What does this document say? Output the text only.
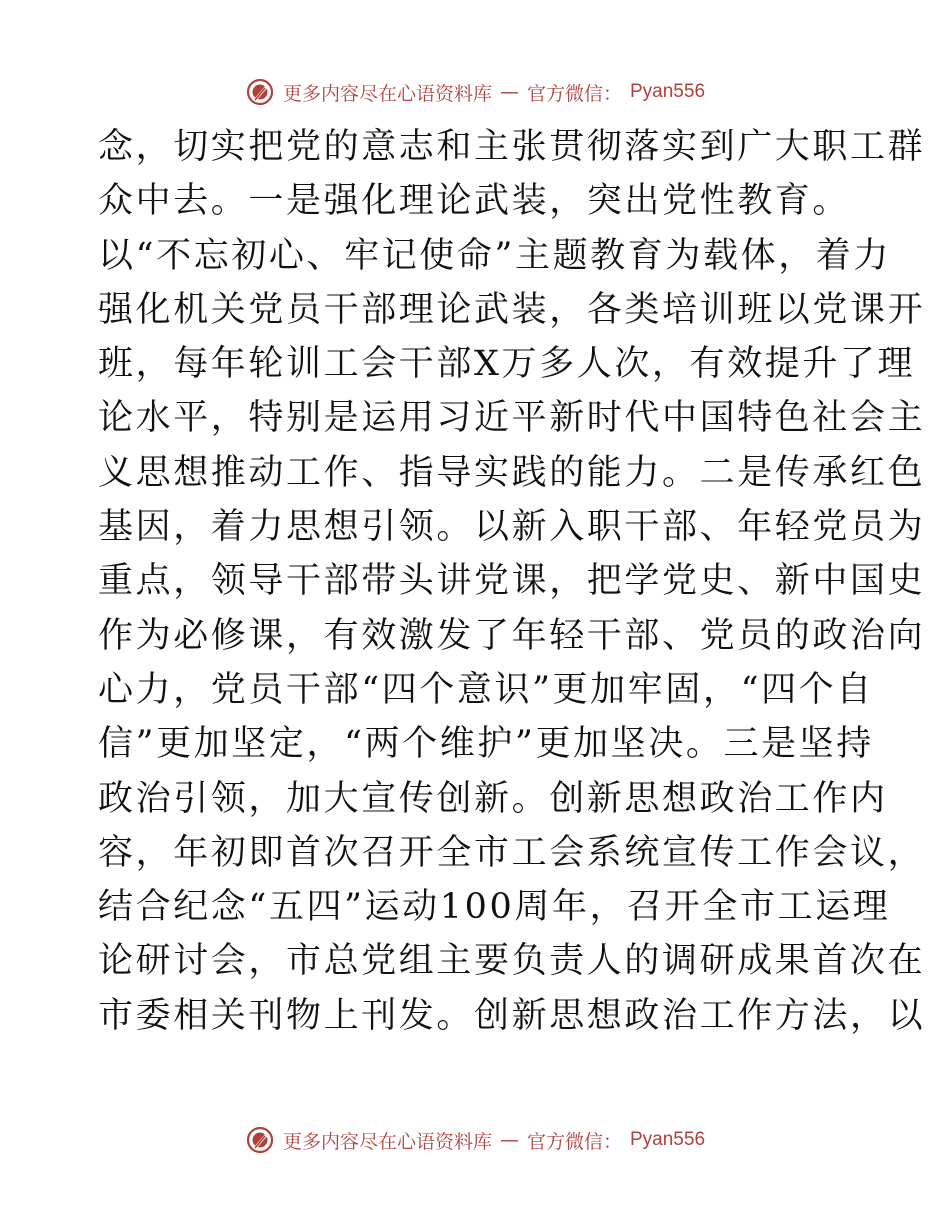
更多内容尽在心语资料库 — 官方微信： Pyan556
念，切实把党的意志和主张贯彻落实到广大职工群
众中去。一是强化理论武装，突出党性教育。
以“不忘初心、牢记使命”主题教育为载体，着力
强化机关党员干部理论武装，各类培训班以党课开
班，每年轮训工会干部X万多人次，有效提升了理
论水平，特别是运用习近平新时代中国特色社会主
义思想推动工作、指导实践的能力。二是传承红色
基因，着力思想引领。以新入职干部、年轻党员为
重点，领导干部带头讲党课，把学党史、新中国史
作为必修课，有效激发了年轻干部、党员的政治向
心力，党员干部“四个意识”更加牢固，“四个自
信”更加坚定，“两个维护”更加坚决。三是坚持
政治引领，加大宣传创新。创新思想政治工作内
容，年初即首次召开全市工会系统宣传工作会议，
结合纪念“五四”运动100周年，召开全市工运理
论研讨会，市总党组主要负责人的调研成果首次在
市委相关刊物上刊发。创新思想政治工作方法，以
更多内容尽在心语资料库 — 官方微信： Pyan556
